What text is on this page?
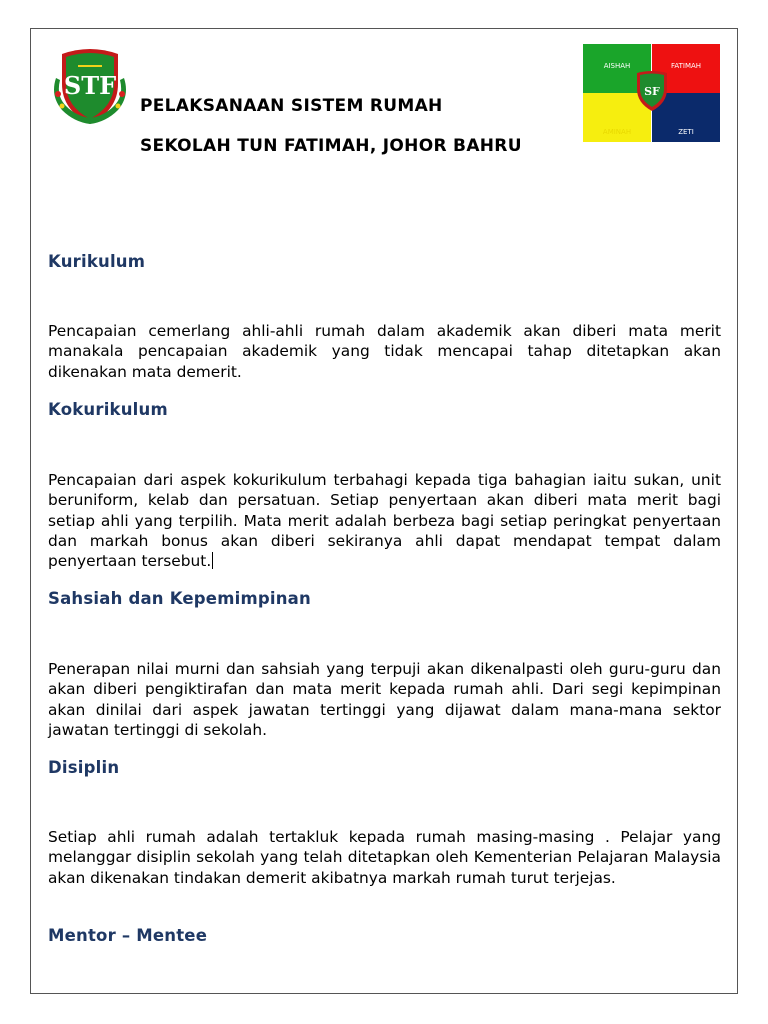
STF
PELAKSANAAN SISTEM RUMAH
SEKOLAH TUN FATIMAH, JOHOR BAHRU
AISHAH	FATIMAH
AMINAH	ZETI
SF
Kurikulum
Pencapaian cemerlang ahli-ahli rumah dalam akademik akan diberi mata merit manakala pencapaian akademik yang tidak mencapai tahap ditetapkan akan dikenakan mata demerit.
Kokurikulum
Pencapaian dari aspek kokurikulum terbahagi kepada tiga bahagian iaitu sukan, unit beruniform, kelab dan persatuan. Setiap penyertaan akan diberi mata merit bagi setiap ahli yang terpilih. Mata merit adalah berbeza bagi setiap peringkat penyertaan dan markah bonus akan diberi sekiranya ahli dapat mendapat tempat dalam penyertaan tersebut.
Sahsiah dan Kepemimpinan
Penerapan nilai murni dan sahsiah yang terpuji akan dikenalpasti oleh guru-guru dan akan diberi pengiktirafan dan mata merit kepada rumah ahli. Dari segi kepimpinan akan dinilai dari aspek jawatan tertinggi yang dijawat dalam mana-mana sektor jawatan tertinggi di sekolah.
Disiplin
Setiap ahli rumah adalah tertakluk kepada rumah masing-masing . Pelajar yang melanggar disiplin sekolah yang telah ditetapkan oleh Kementerian Pelajaran Malaysia akan dikenakan tindakan demerit akibatnya markah rumah turut terjejas.
Mentor – Mentee
